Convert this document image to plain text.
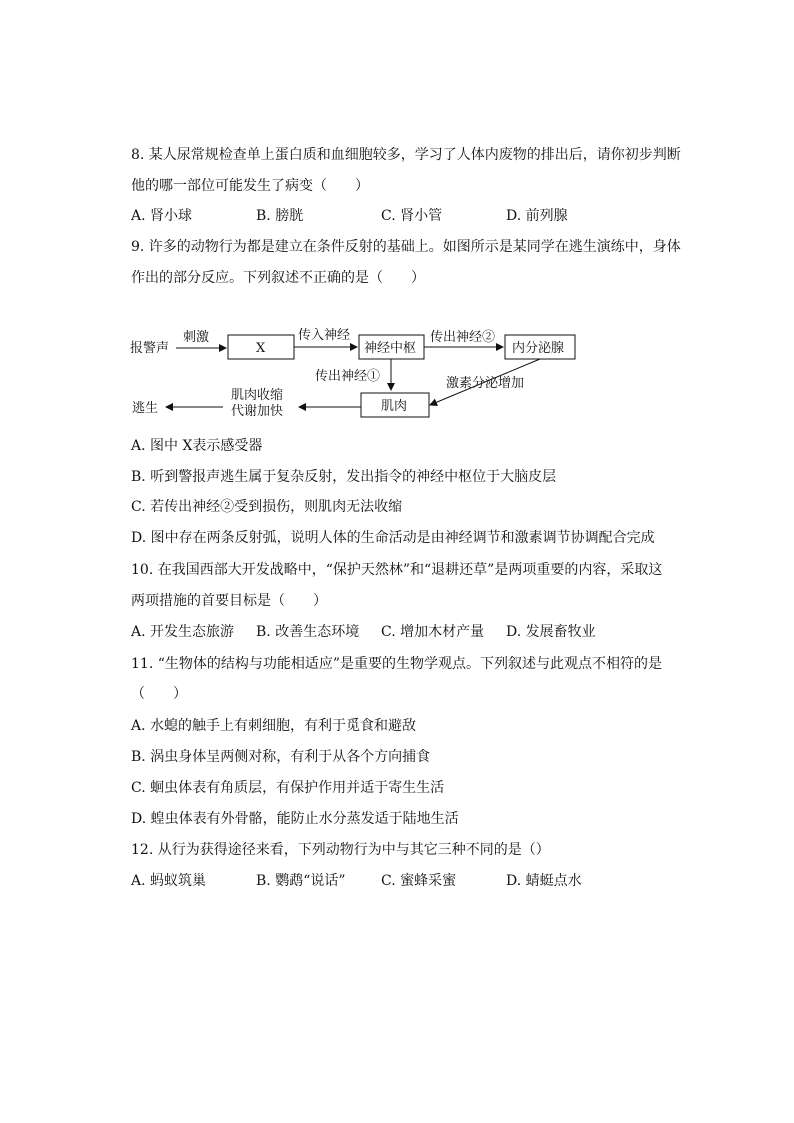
8. 某人尿常规检查单上蛋白质和血细胞较多，学习了人体内废物的排出后，请你初步判断
他的哪一部位可能发生了病变（　　）
A. 肾小球	B. 膀胱	C. 肾小管	D. 前列腺
9. 许多的动物行为都是建立在条件反射的基础上。如图所示是某同学在逃生演练中，身体
作出的部分反应。下列叙述不正确的是（　　）
报警声
刺激
X
传入神经
神经中枢
传出神经②
内分泌腺
传出神经①	激素分泌增加
肌肉
肌肉收缩
代谢加快
逃生
A. 图中 X表示感受器
B. 听到警报声逃生属于复杂反射，发出指令的神经中枢位于大脑皮层
C. 若传出神经②受到损伤，则肌肉无法收缩
D. 图中存在两条反射弧，说明人体的生命活动是由神经调节和激素调节协调配合完成
10. 在我国西部大开发战略中，“保护天然林”和“退耕还草”是两项重要的内容，采取这
两项措施的首要目标是（　　）
A. 开发生态旅游 B. 改善生态环境 C. 增加木材产量 D. 发展畜牧业
11. “生物体的结构与功能相适应”是重要的生物学观点。下列叙述与此观点不相符的是
（　　）
A. 水螅的触手上有刺细胞，有利于觅食和避敌
B. 涡虫身体呈两侧对称，有利于从各个方向捕食
C. 蛔虫体表有角质层，有保护作用并适于寄生生活
D. 蝗虫体表有外骨骼，能防止水分蒸发适于陆地生活
12. 从行为获得途径来看，下列动物行为中与其它三种不同的是（）
A. 蚂蚁筑巢	B. 鹦鹉“说话”	C. 蜜蜂采蜜	D. 蜻蜓点水
